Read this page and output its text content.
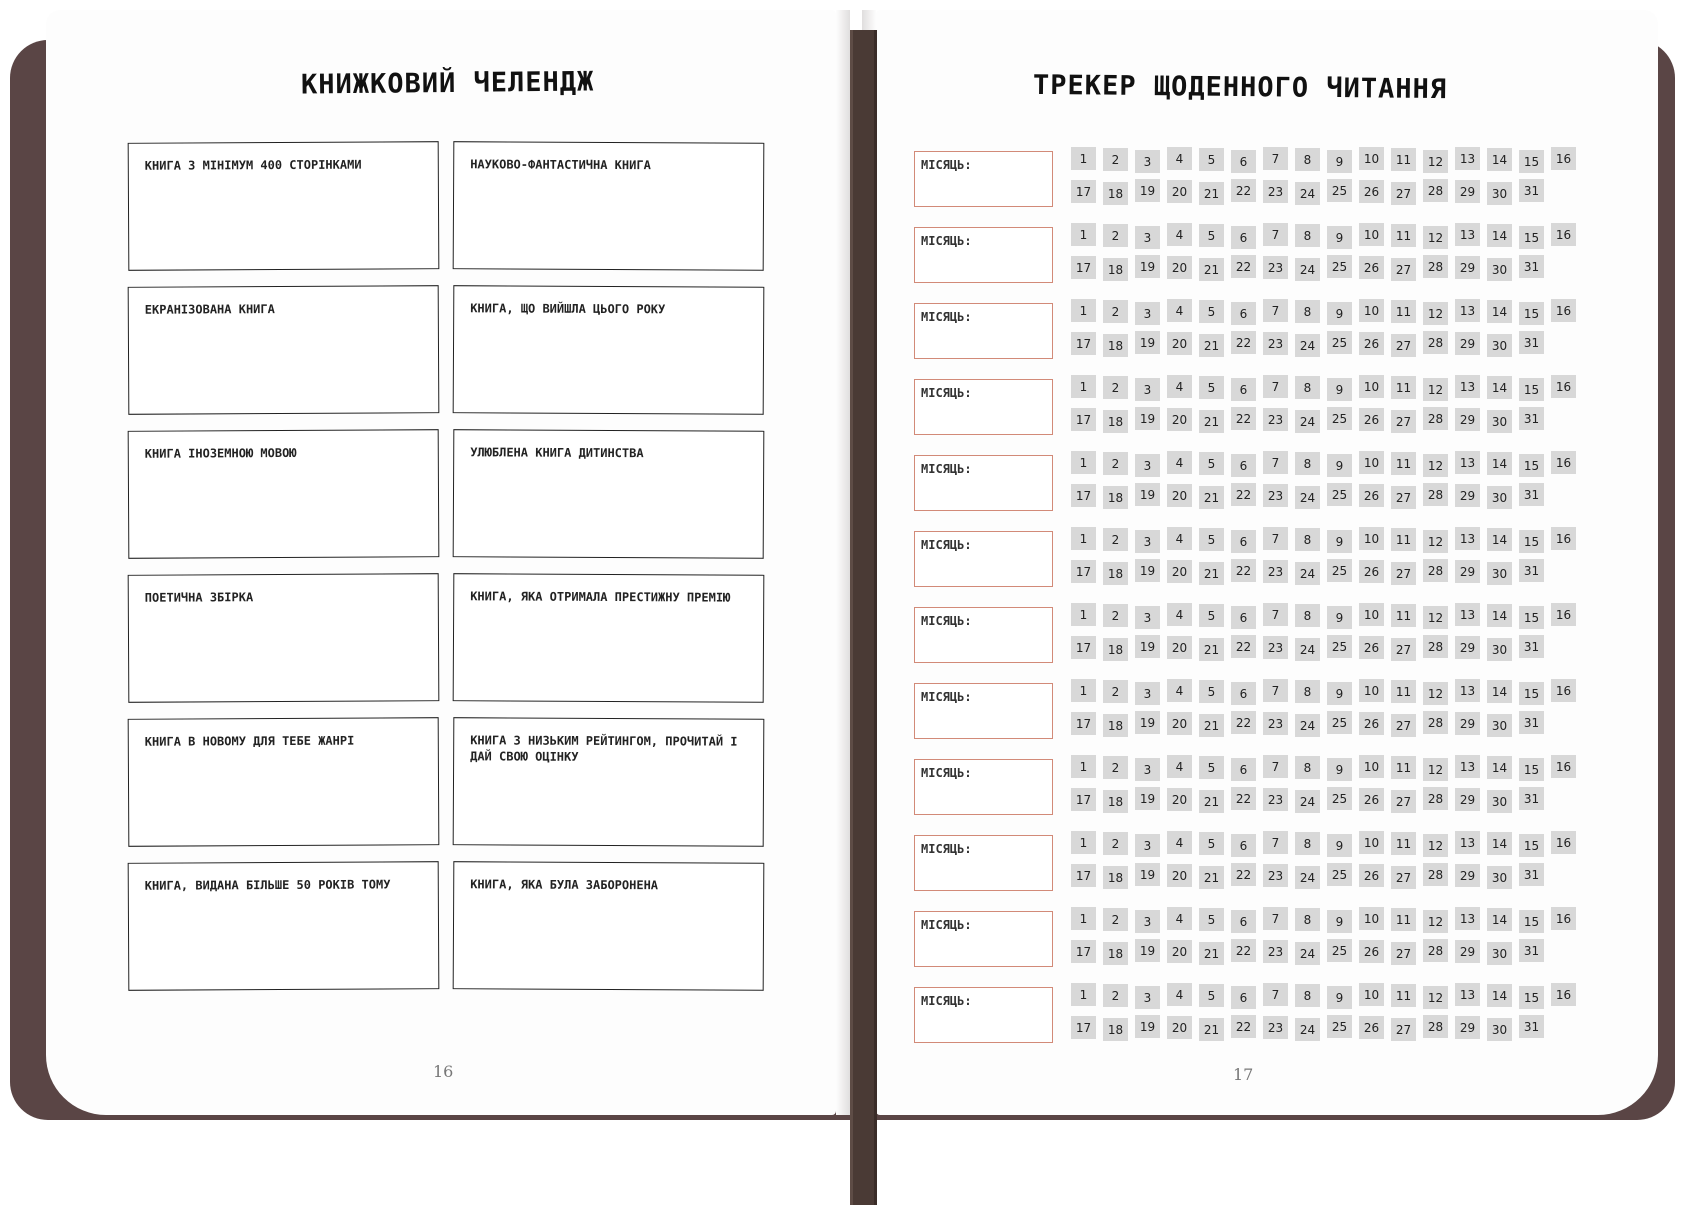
КНИЖКОВИЙ ЧЕЛЕНДЖ
КНИГА З МІНІМУМ 400 СТОРІНКАМИ	НАУКОВО-ФАНТАСТИЧНА КНИГА
ЕКРАНІЗОВАНА КНИГА	КНИГА, ЩО ВИЙШЛА ЦЬОГО РОКУ
КНИГА ІНОЗЕМНОЮ МОВОЮ	УЛЮБЛЕНА КНИГА ДИТИНСТВА
ПОЕТИЧНА ЗБІРКА	КНИГА, ЯКА ОТРИМАЛА ПРЕСТИЖНУ ПРЕМІЮ
КНИГА В НОВОМУ ДЛЯ ТЕБЕ ЖАНРІ	КНИГА З НИЗЬКИМ РЕЙТИНГОМ, ПРОЧИТАЙ І ДАЙ СВОЮ ОЦІНКУ
КНИГА, ВИДАНА БІЛЬШЕ 50 РОКІВ ТОМУ	КНИГА, ЯКА БУЛА ЗАБОРОНЕНА
16
ТРЕКЕР ЩОДЕННОГО ЧИТАННЯ
МІСЯЦЬ:	1	2	3	4	5	6	7	8	9	10	11	12	13	14	15	16
17	18	19	20	21	22	23	24	25	26	27	28	29	30	31
МІСЯЦЬ:	1	2	3	4	5	6	7	8	9	10	11	12	13	14	15	16
17	18	19	20	21	22	23	24	25	26	27	28	29	30	31
МІСЯЦЬ:	1	2	3	4	5	6	7	8	9	10	11	12	13	14	15	16
17	18	19	20	21	22	23	24	25	26	27	28	29	30	31
МІСЯЦЬ:	1	2	3	4	5	6	7	8	9	10	11	12	13	14	15	16
17	18	19	20	21	22	23	24	25	26	27	28	29	30	31
МІСЯЦЬ:	1	2	3	4	5	6	7	8	9	10	11	12	13	14	15	16
17	18	19	20	21	22	23	24	25	26	27	28	29	30	31
МІСЯЦЬ:	1	2	3	4	5	6	7	8	9	10	11	12	13	14	15	16
17	18	19	20	21	22	23	24	25	26	27	28	29	30	31
МІСЯЦЬ:	1	2	3	4	5	6	7	8	9	10	11	12	13	14	15	16
17	18	19	20	21	22	23	24	25	26	27	28	29	30	31
МІСЯЦЬ:	1	2	3	4	5	6	7	8	9	10	11	12	13	14	15	16
17	18	19	20	21	22	23	24	25	26	27	28	29	30	31
МІСЯЦЬ:	1	2	3	4	5	6	7	8	9	10	11	12	13	14	15	16
17	18	19	20	21	22	23	24	25	26	27	28	29	30	31
МІСЯЦЬ:	1	2	3	4	5	6	7	8	9	10	11	12	13	14	15	16
17	18	19	20	21	22	23	24	25	26	27	28	29	30	31
МІСЯЦЬ:	1	2	3	4	5	6	7	8	9	10	11	12	13	14	15	16
17	18	19	20	21	22	23	24	25	26	27	28	29	30	31
МІСЯЦЬ:	1	2	3	4	5	6	7	8	9	10	11	12	13	14	15	16
17	18	19	20	21	22	23	24	25	26	27	28	29	30	31
17
